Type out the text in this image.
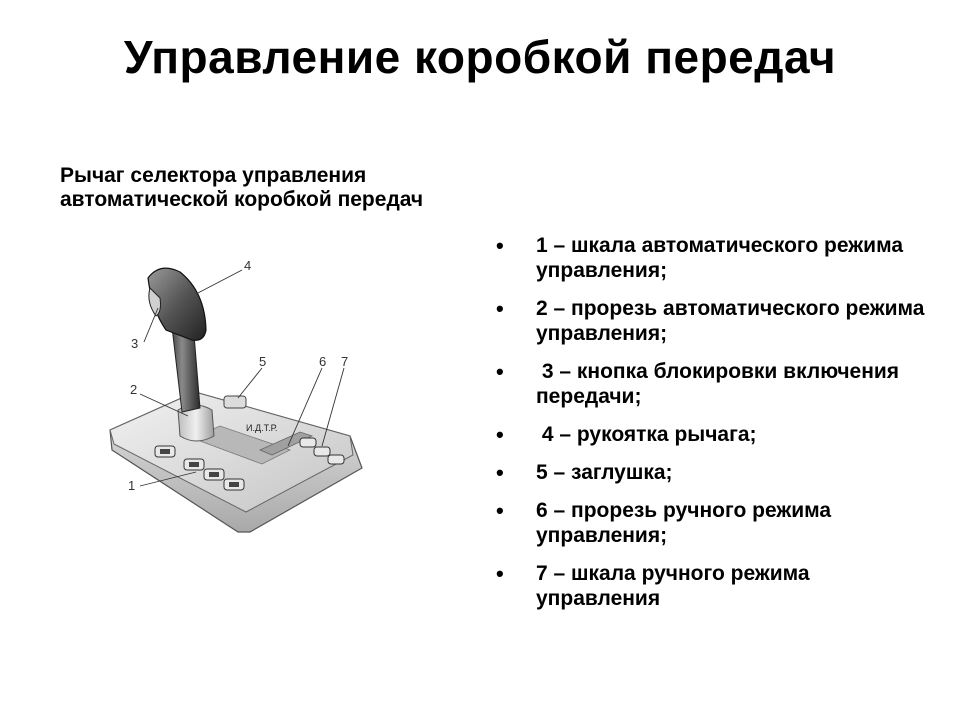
Управление коробкой передач

Рычаг селектора управления автоматической коробкой передач

И.Д.Т.Р.
1
2
3
4
5	6 7
• 1 – шкала автоматического режима управления;
• 2 – прорезь автоматического режима управления;
• 3 – кнопка блокировки включения передачи;
• 4 – рукоятка рычага;
• 5 – заглушка;
• 6 – прорезь ручного режима управления;
• 7 – шкала ручного режима управления
